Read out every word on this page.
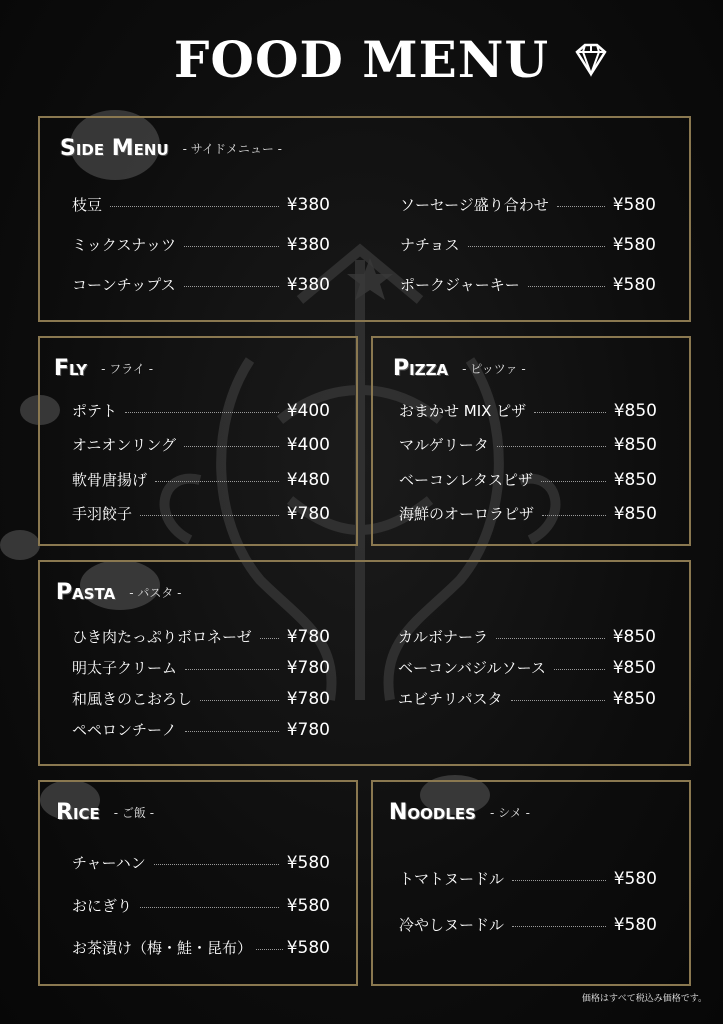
FOOD MENU
Side Menu - サイドメニュー -
枝豆	¥380
ミックスナッツ	¥380
コーンチップス	¥380
ソーセージ盛り合わせ	¥580
ナチョス	¥580
ポークジャーキー	¥580
Fly - フライ -
ポテト	¥400
オニオンリング	¥400
軟骨唐揚げ	¥480
手羽餃子	¥780
Pizza - ピッツァ -
おまかせ MIX ピザ	¥850
マルゲリータ	¥850
ベーコンレタスピザ	¥850
海鮮のオーロラピザ	¥850
Pasta - パスタ -
ひき肉たっぷりボロネーゼ ¥780
明太子クリーム	¥780
和風きのこおろし	¥780
ペペロンチーノ	¥780
カルボナーラ	¥850
ベーコンバジルソース	¥850
エビチリパスタ	¥850
Rice - ご飯 -
チャーハン	¥580
おにぎり	¥580
お茶漬け（梅・鮭・昆布） ¥580
Noodles - シメ -
トマトヌードル	¥580
冷やしヌードル	¥580
価格はすべて税込み価格です。
